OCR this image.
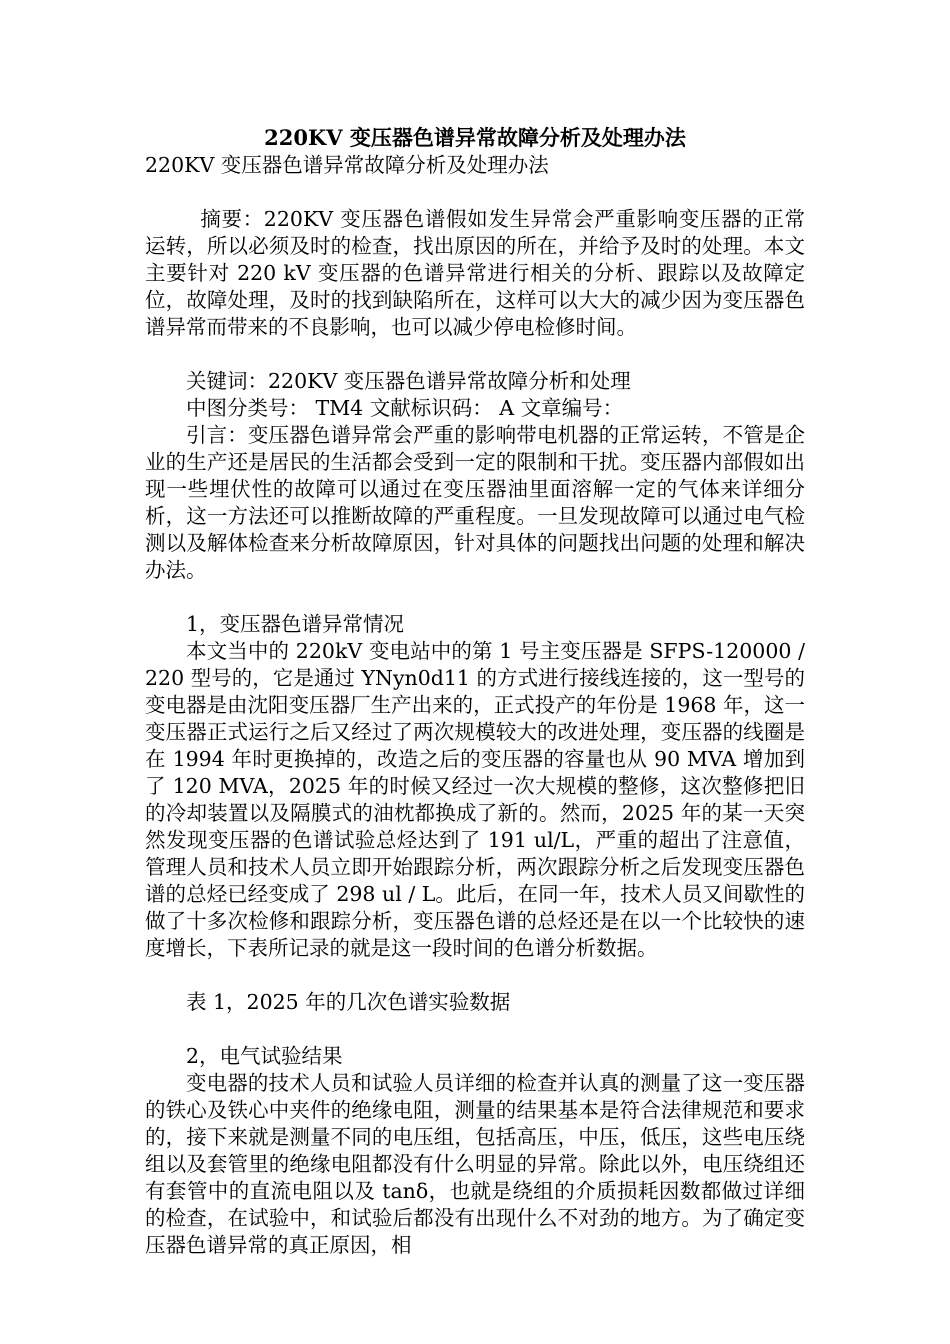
220KV 变压器色谱异常故障分析及处理办法

220KV 变压器色谱异常故障分析及处理办法

摘要：220KV 变压器色谱假如发生异常会严重影响变压器的正常运转，所以必须及时的检查，找出原因的所在，并给予及时的处理。本文主要针对 220 kV 变压器的色谱异常进行相关的分析、跟踪以及故障定位，故障处理，及时的找到缺陷所在，这样可以大大的减少因为变压器色谱异常而带来的不良影响，也可以减少停电检修时间。

关键词：220KV 变压器色谱异常故障分析和处理

中图分类号： TM4 文献标识码： A 文章编号：

引言：变压器色谱异常会严重的影响带电机器的正常运转，不管是企业的生产还是居民的生活都会受到一定的限制和干扰。变压器内部假如出现一些埋伏性的故障可以通过在变压器油里面溶解一定的气体来详细分析，这一方法还可以推断故障的严重程度。一旦发现故障可以通过电气检测以及解体检查来分析故障原因，针对具体的问题找出问题的处理和解决办法。

1，变压器色谱异常情况

本文当中的 220kV 变电站中的第 1 号主变压器是 SFPS-120000 /220 型号的，它是通过 YNyn0d11 的方式进行接线连接的，这一型号的变电器是由沈阳变压器厂生产出来的，正式投产的年份是 1968 年，这一变压器正式运行之后又经过了两次规模较大的改进处理，变压器的线圈是在 1994 年时更换掉的，改造之后的变压器的容量也从 90 MVA 增加到了 120 MVA，2025 年的时候又经过一次大规模的整修，这次整修把旧的冷却装置以及隔膜式的油枕都换成了新的。然而，2025 年的某一天突然发现变压器的色谱试验总烃达到了 191 ul/L，严重的超出了注意值，管理人员和技术人员立即开始跟踪分析，两次跟踪分析之后发现变压器色谱的总烃已经变成了 298 ul / L。此后，在同一年，技术人员又间歇性的做了十多次检修和跟踪分析，变压器色谱的总烃还是在以一个比较快的速度增长，下表所记录的就是这一段时间的色谱分析数据。

表 1，2025 年的几次色谱实验数据

2，电气试验结果

变电器的技术人员和试验人员详细的检查并认真的测量了这一变压器的铁心及铁心中夹件的绝缘电阻，测量的结果基本是符合法律规范和要求的，接下来就是测量不同的电压组，包括高压，中压，低压，这些电压绕组以及套管里的绝缘电阻都没有什么明显的异常。除此以外，电压绕组还有套管中的直流电阻以及 tanδ，也就是绕组的介质损耗因数都做过详细的检查，在试验中，和试验后都没有出现什么不对劲的地方。为了确定变压器色谱异常的真正原因，相
